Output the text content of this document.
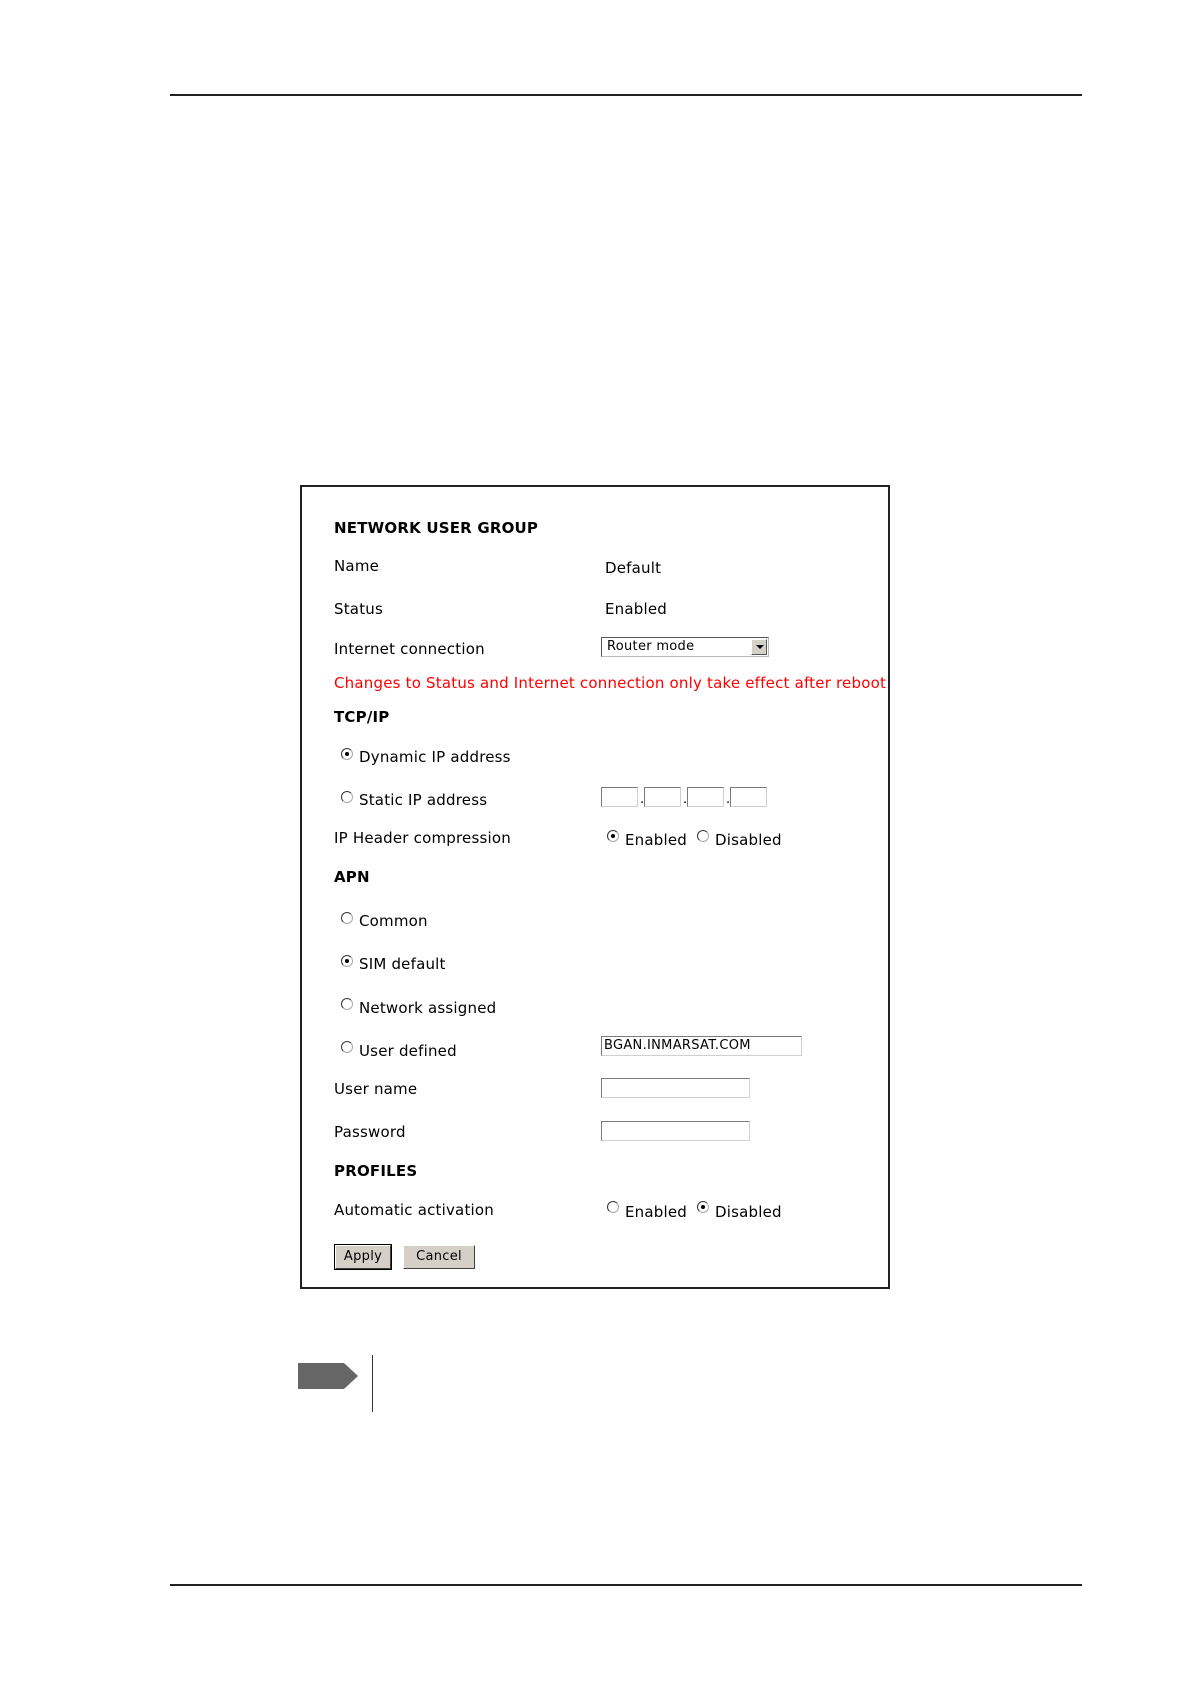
NETWORK USER GROUP
Name	Default
Status	Enabled
Internet connection	Router mode
Changes to Status and Internet connection only take effect after reboot
TCP/IP
Dynamic IP address
Static IP address	.	.	.
IP Header compression	Enabled Disabled
APN
Common
SIM default
Network assigned
User defined	BGAN.INMARSAT.COM
User name
Password
PROFILES
Automatic activation	Enabled Disabled
Apply	Cancel
